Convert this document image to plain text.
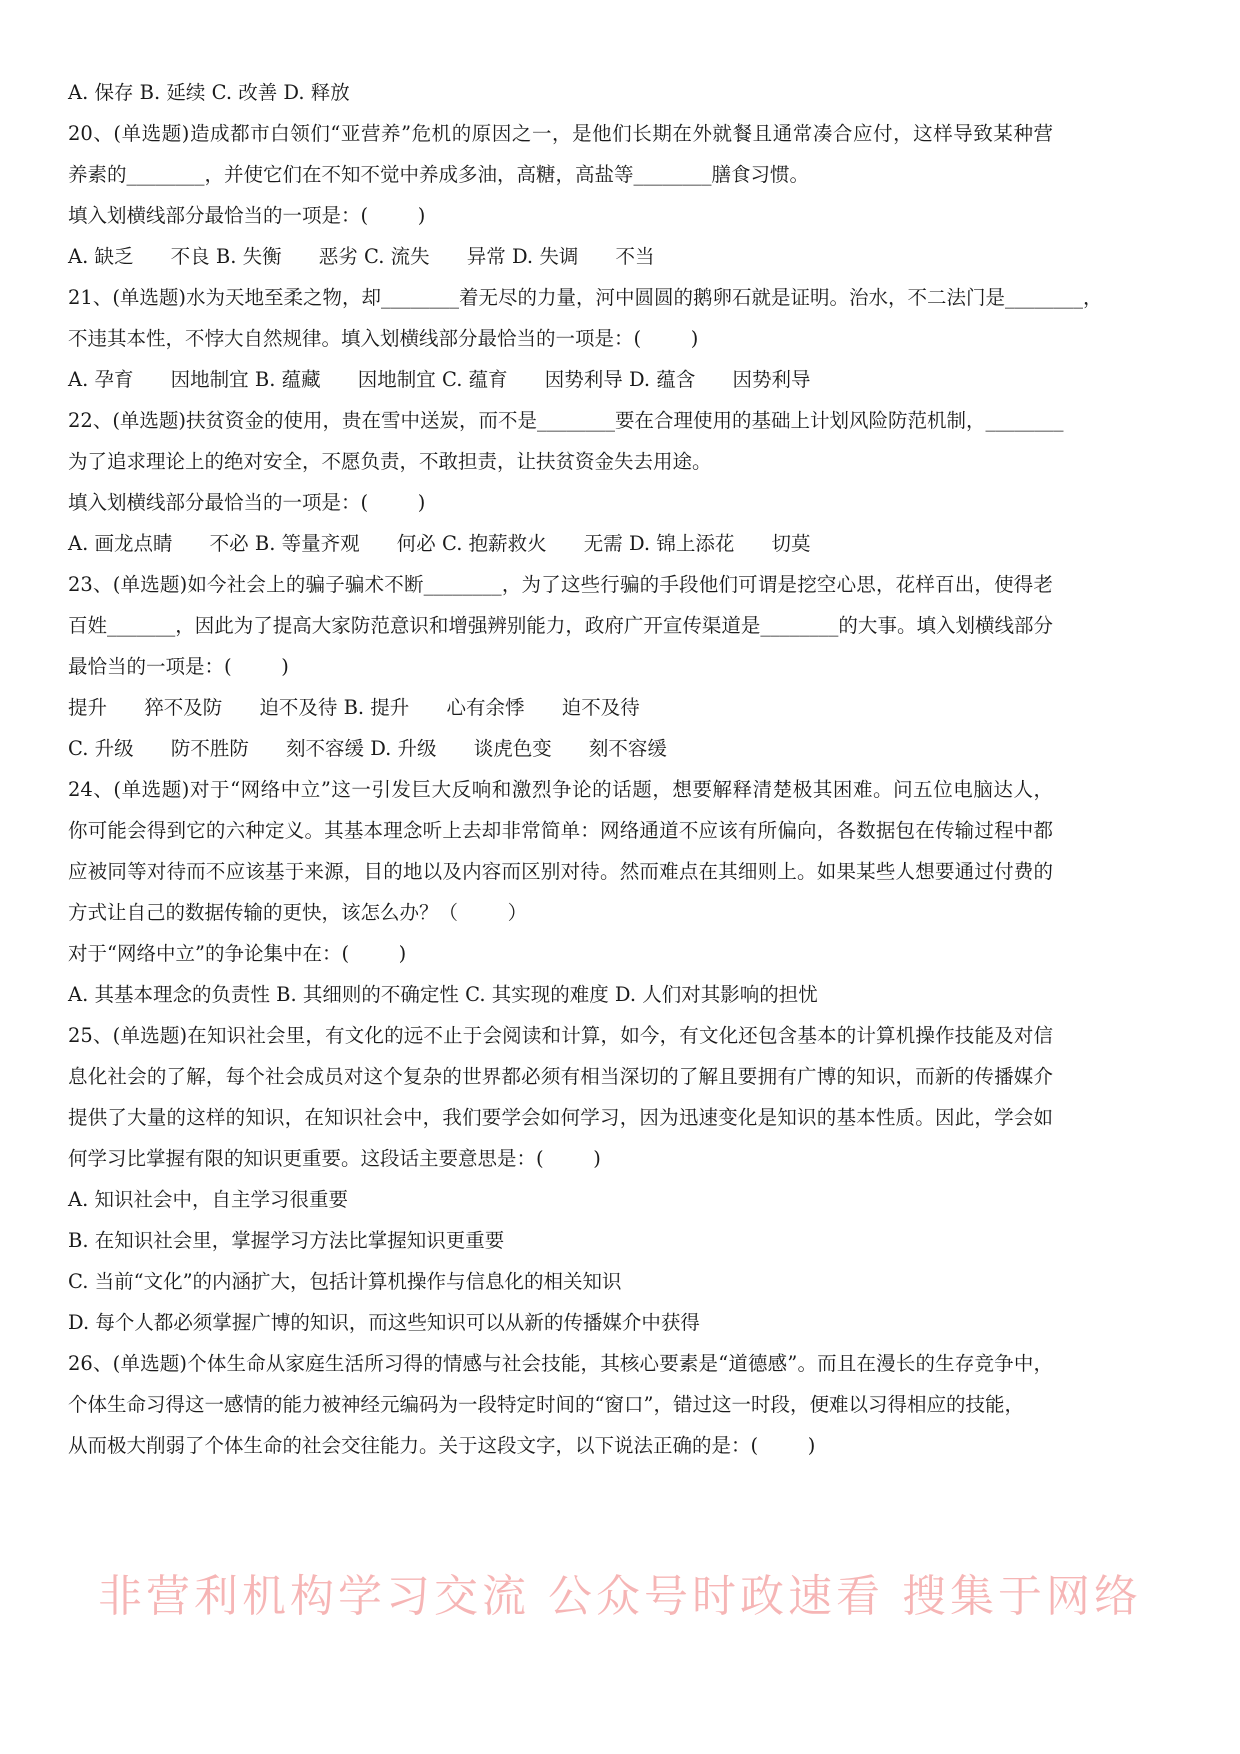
A. 保存 B. 延续 C. 改善 D. 释放
20、(单选题)造成都市白领们“亚营养”危机的原因之一，是他们长期在外就餐且通常凑合应付，这样导致某种营
养素的________，并使它们在不知不觉中养成多油，高糖，高盐等________膳食习惯。
填入划横线部分最恰当的一项是：(        )
A. 缺乏      不良 B. 失衡      恶劣 C. 流失      异常 D. 失调      不当
21、(单选题)水为天地至柔之物，却________着无尽的力量，河中圆圆的鹅卵石就是证明。治水，不二法门是________，
不违其本性，不悖大自然规律。填入划横线部分最恰当的一项是：(        )
A. 孕育      因地制宜 B. 蕴藏      因地制宜 C. 蕴育      因势利导 D. 蕴含      因势利导
22、(单选题)扶贫资金的使用，贵在雪中送炭，而不是________要在合理使用的基础上计划风险防范机制，________
为了追求理论上的绝对安全，不愿负责，不敢担责，让扶贫资金失去用途。
填入划横线部分最恰当的一项是：(        )
A. 画龙点睛      不必 B. 等量齐观      何必 C. 抱薪救火      无需 D. 锦上添花      切莫
23、(单选题)如今社会上的骗子骗术不断________，为了这些行骗的手段他们可谓是挖空心思，花样百出，使得老
百姓_______，因此为了提高大家防范意识和增强辨别能力，政府广开宣传渠道是________的大事。填入划横线部分
最恰当的一项是：(        )
提升      猝不及防      迫不及待 B. 提升      心有余悸      迫不及待
C. 升级      防不胜防      刻不容缓 D. 升级      谈虎色变      刻不容缓
24、(单选题)对于“网络中立”这一引发巨大反响和激烈争论的话题，想要解释清楚极其困难。问五位电脑达人，
你可能会得到它的六种定义。其基本理念听上去却非常简单：网络通道不应该有所偏向，各数据包在传输过程中都
应被同等对待而不应该基于来源，目的地以及内容而区别对待。然而难点在其细则上。如果某些人想要通过付费的
方式让自己的数据传输的更快，该怎么办？（        ）
对于“网络中立”的争论集中在：(        )
A. 其基本理念的负责性 B. 其细则的不确定性 C. 其实现的难度 D. 人们对其影响的担忧
25、(单选题)在知识社会里，有文化的远不止于会阅读和计算，如今，有文化还包含基本的计算机操作技能及对信
息化社会的了解，每个社会成员对这个复杂的世界都必须有相当深切的了解且要拥有广博的知识，而新的传播媒介
提供了大量的这样的知识，在知识社会中，我们要学会如何学习，因为迅速变化是知识的基本性质。因此，学会如
何学习比掌握有限的知识更重要。这段话主要意思是：(        )
A. 知识社会中，自主学习很重要
B. 在知识社会里，掌握学习方法比掌握知识更重要
C. 当前“文化”的内涵扩大，包括计算机操作与信息化的相关知识
D. 每个人都必须掌握广博的知识，而这些知识可以从新的传播媒介中获得
26、(单选题)个体生命从家庭生活所习得的情感与社会技能，其核心要素是“道德感”。而且在漫长的生存竞争中，
个体生命习得这一感情的能力被神经元编码为一段特定时间的“窗口”，错过这一时段，便难以习得相应的技能，
从而极大削弱了个体生命的社会交往能力。关于这段文字，以下说法正确的是：(        )
非营利机构学习交流 公众号时政速看 搜集于网络
